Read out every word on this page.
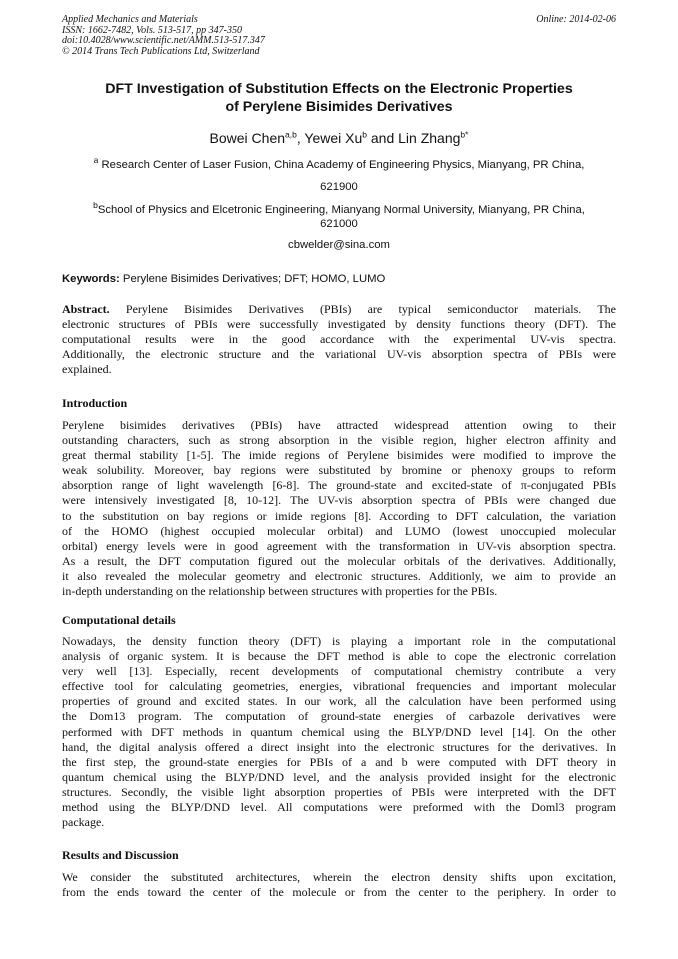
Applied Mechanics and Materials
ISSN: 1662-7482, Vols. 513-517, pp 347-350
doi:10.4028/www.scientific.net/AMM.513-517.347
© 2014 Trans Tech Publications Ltd, Switzerland
Online: 2014-02-06
DFT Investigation of Substitution Effects on the Electronic Properties
of Perylene Bisimides Derivatives
Bowei Chen$^{a,b}$, Yewei Xu$^b$ and Lin Zhang$^{b*}$
$^a$ Research Center of Laser Fusion, China Academy of Engineering Physics, Mianyang, PR China,
621900
$^b$School of Physics and Elcetronic Engineering, Mianyang Normal University, Mianyang, PR China,
621000
cbwelder@sina.com
Keywords: Perylene Bisimides Derivatives; DFT; HOMO, LUMO
Abstract. Perylene Bisimides Derivatives (PBIs) are typical semiconductor materials. The
electronic structures of PBIs were successfully investigated by density functions theory (DFT). The
computational results were in the good accordance with the experimental UV-vis spectra.
Additionally, the electronic structure and the variational UV-vis absorption spectra of PBIs were
explained.
Introduction
Perylene bisimides derivatives (PBIs) have attracted widespread attention owing to their
outstanding characters, such as strong absorption in the visible region, higher electron affinity and
great thermal stability [1-5]. The imide regions of Perylene bisimides were modified to improve the
weak solubility. Moreover, bay regions were substituted by bromine or phenoxy groups to reform
absorption range of light wavelength [6-8]. The ground-state and excited-state of π-conjugated PBIs
were intensively investigated [8, 10-12]. The UV-vis absorption spectra of PBIs were changed due
to the substitution on bay regions or imide regions [8]. According to DFT calculation, the variation
of the HOMO (highest occupied molecular orbital) and LUMO (lowest unoccupied molecular
orbital) energy levels were in good agreement with the transformation in UV-vis absorption spectra.
As a result, the DFT computation figured out the molecular orbitals of the derivatives. Additionally,
it also revealed the molecular geometry and electronic structures. Additionly, we aim to provide an
in-depth understanding on the relationship between structures with properties for the PBIs.
Computational details
Nowadays, the density function theory (DFT) is playing a important role in the computational
analysis of organic system. It is because the DFT method is able to cope the electronic correlation
very well [13]. Especially, recent developments of computational chemistry contribute a very
effective tool for calculating geometries, energies, vibrational frequencies and important molecular
properties of ground and excited states. In our work, all the calculation have been performed using
the Dom13 program. The computation of ground-state energies of carbazole derivatives were
performed with DFT methods in quantum chemical using the BLYP/DND level [14]. On the other
hand, the digital analysis offered a direct insight into the electronic structures for the derivatives. In
the first step, the ground-state energies for PBIs of a and b were computed with DFT theory in
quantum chemical using the BLYP/DND level, and the analysis provided insight for the electronic
structures. Secondly, the visible light absorption properties of PBIs were interpreted with the DFT
method using the BLYP/DND level. All computations were preformed with the Doml3 program
package.
Results and Discussion
We consider the substituted architectures, wherein the electron density shifts upon excitation,
from the ends toward the center of the molecule or from the center to the periphery. In order to
